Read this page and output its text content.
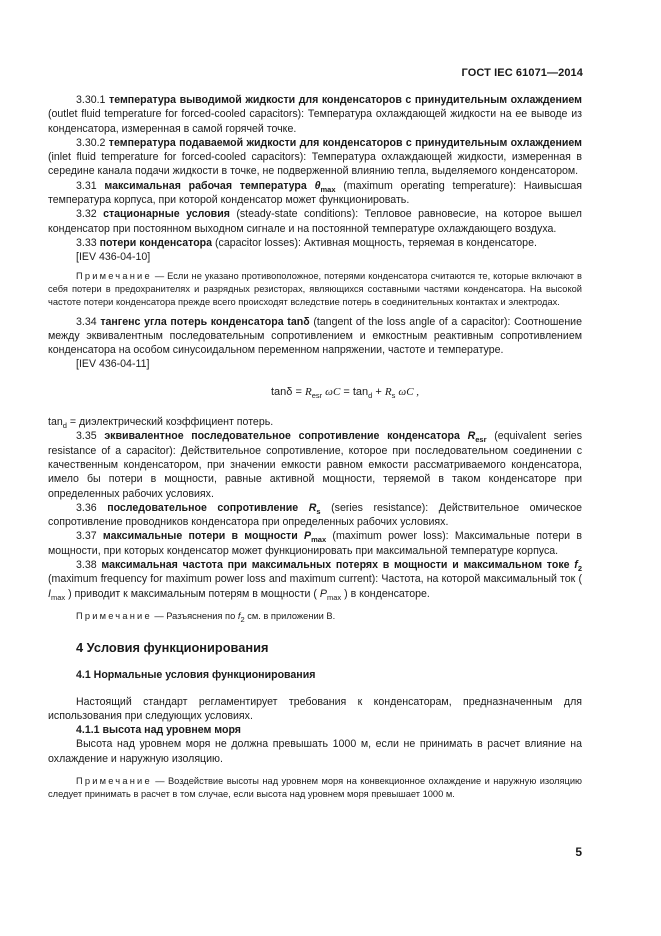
ГОСТ IEC 61071—2014

3.30.1 температура выводимой жидкости для конденсаторов с принудительным охлаждением (outlet fluid temperature for forced-cooled capacitors): Температура охлаждающей жидкости на ее выводе из конденсатора, измеренная в самой горячей точке.

3.30.2 температура подаваемой жидкости для конденсаторов с принудительным охлаждением (inlet fluid temperature for forced-cooled capacitors): Температура охлаждающей жидкости, измеренная в середине канала подачи жидкости в точке, не подверженной влиянию тепла, выделяемого конденсатором.

3.31 максимальная рабочая температура $\theta_{max}$ (maximum operating temperature): Наивысшая температура корпуса, при которой конденсатор может функционировать.

3.32 стационарные условия (steady-state conditions): Тепловое равновесие, на которое вышел конденсатор при постоянном выходном сигнале и на постоянной температуре охлаждающего воздуха.

3.33 потери конденсатора (capacitor losses): Активная мощность, теряемая в конденсаторе.

[IEV 436-04-10]

Примечание — Если не указано противоположное, потерями конденсатора считаются те, которые включают в себя потери в предохранителях и разрядных резисторах, являющихся составными частями конденсатора. На высокой частоте потери конденсатора прежде всего происходят вследствие потерь в соединительных контактах и электродах.

3.34 тангенс угла потерь конденсатора tanδ (tangent of the loss angle of a capacitor): Соотношение между эквивалентным последовательным сопротивлением и емкостным реактивным сопротивлением конденсатора на особом синусоидальном переменном напряжении, частоте и температуре.

[IEV 436-04-11]

$\tan\delta = R_{esr}$ $\omega C = \tan_d + R_s$ ωC ,

$\tan_d$ = диэлектрический коэффициент потерь.

3.35 эквивалентное последовательное сопротивление конденсатора $R_{esr}$ (equivalent series resistance of a capacitor): Действительное сопротивление, которое при последовательном соединении с качественным конденсатором, при значении емкости равном емкости рассматриваемого конденсатора, имело бы потери в мощности, равные активной мощности, теряемой в таком конденсаторе при определенных рабочих условиях.

3.36 последовательное сопротивление $R_s$ (series resistance): Действительное омическое сопротивление проводников конденсатора при определенных рабочих условиях.

3.37 максимальные потери в мощности $P_{max}$ (maximum power loss): Максимальные потери в мощности, при которых конденсатор может функционировать при максимальной температуре корпуса.

3.38 максимальная частота при максимальных потерях в мощности и максимальном токе $f_2$ (maximum frequency for maximum power loss and maximum current): Частота, на которой максимальный ток ( $I_{max}$ ) приводит к максимальным потерям в мощности ( $P_{max}$ ) в конденсаторе.

Примечание — Разъяснения по $f_2$ см. в приложении B.

4 Условия функционирования
4.1 Нормальные условия функционирования

Настоящий стандарт регламентирует требования к конденсаторам, предназначенным для использования при следующих условиях.

4.1.1 высота над уровнем моря

Высота над уровнем моря не должна превышать 1000 м, если не принимать в расчет влияние на охлаждение и наружную изоляцию.

Примечание — Воздействие высоты над уровнем моря на конвекционное охлаждение и наружную изоляцию следует принимать в расчет в том случае, если высота над уровнем моря превышает 1000 м.

5
